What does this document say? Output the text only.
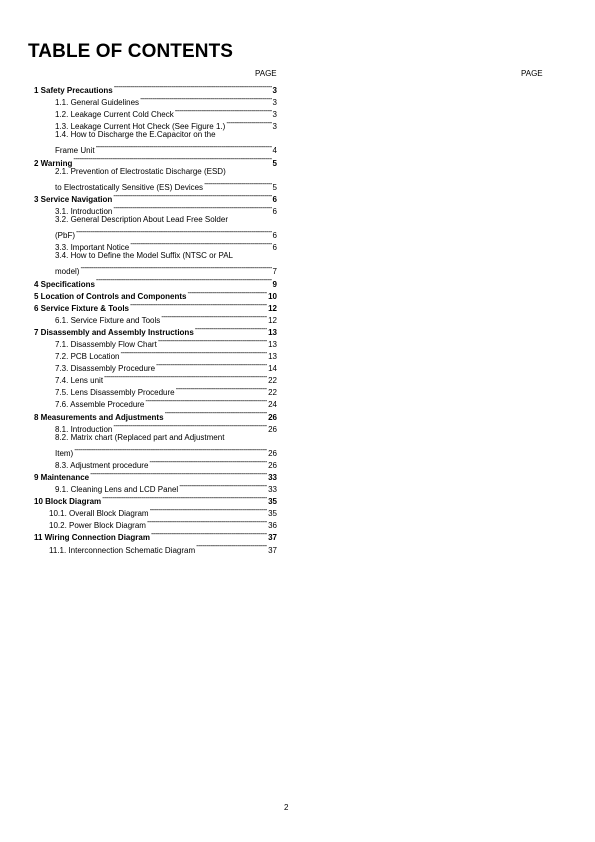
TABLE OF CONTENTS
PAGE	PAGE
1 Safety Precautions -----	3
1.1. General Guidelines -----	3
1.2. Leakage Current Cold Check -----	3
1.3. Leakage Current Hot Check (See Figure 1.) -----	3
1.4. How to Discharge the E.Capacitor on the
Frame Unit -----	4
2 Warning -----	5
2.1. Prevention of Electrostatic Discharge (ESD)
to Electrostatically Sensitive (ES) Devices -----	5
3 Service Navigation -----	6
3.1. Introduction -----	6
3.2. General Description About Lead Free Solder
(PbF) -----	6
3.3. Important Notice -----	6
3.4. How to Define the Model Suffix (NTSC or PAL
model) -----	7
4 Specifications -----	9
5 Location of Controls and Components -----	10
6 Service Fixture & Tools -----	12
6.1. Service Fixture and Tools -----	12
7 Disassembly and Assembly Instructions -----	13
7.1. Disassembly Flow Chart -----	13
7.2. PCB Location -----	13
7.3. Disassembly Procedure -----	14
7.4. Lens unit -----	22
7.5. Lens Disassembly Procedure -----	22
7.6. Assemble Procedure -----	24
8 Measurements and Adjustments -----	26
8.1. Introduction -----	26
8.2. Matrix chart (Replaced part and Adjustment
Item) -----	26
8.3. Adjustment procedure -----	26
9 Maintenance -----	33
9.1. Cleaning Lens and LCD Panel -----	33
10 Block Diagram -----	35
10.1. Overall Block Diagram -----	35
10.2. Power Block Diagram -----	36
11 Wiring Connection Diagram -----	37
11.1. Interconnection Schematic Diagram -----	37
2
